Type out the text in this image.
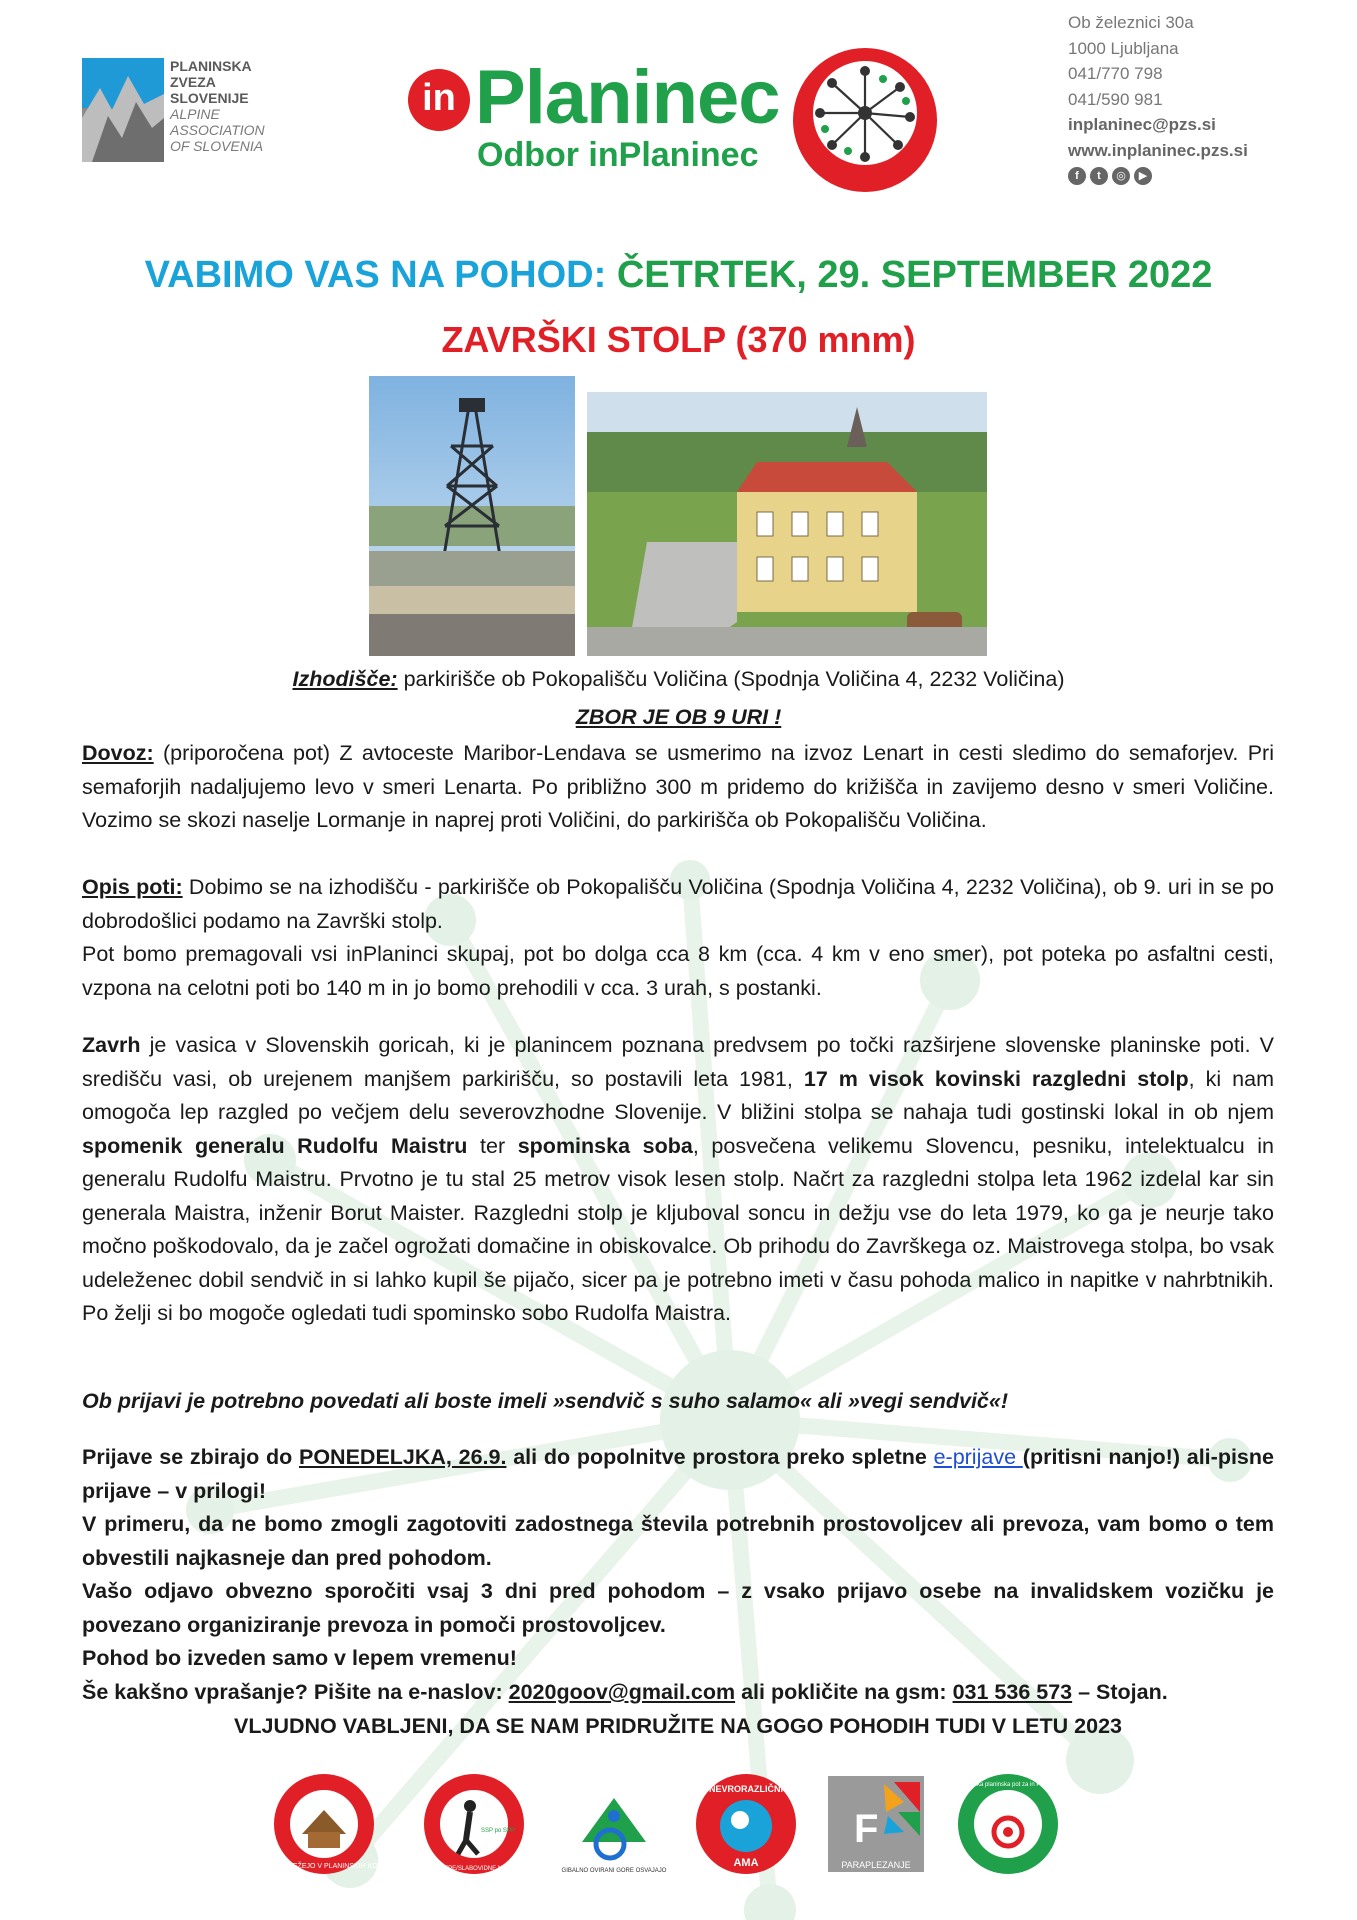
PLANINSKA
ZVEZA
SLOVENIJE
ALPINE
ASSOCIATION
OF SLOVENIA
in Planinec
Odbor inPlaninec
Ob železnici 30a
1000 Ljubljana
041/770 798
041/590 981
inplaninec@pzs.si
www.inplaninec.pzs.si
f	t	◎	▶
VABIMO VAS NA POHOD: ČETRTEK, 29. SEPTEMBER 2022
ZAVRŠKI STOLP (370 mnm)
Izhodišče: parkirišče ob Pokopališču Voličina (Spodnja Voličina 4, 2232 Voličina)
ZBOR JE OB 9 URI !
Dovoz: (priporočena pot) Z avtoceste Maribor-Lendava se usmerimo na izvoz Lenart in cesti sledimo do semaforjev. Pri semaforjih nadaljujemo levo v smeri Lenarta. Po približno 300 m pridemo do križišča in zavijemo desno v smeri Voličine. Vozimo se skozi naselje Lormanje in naprej proti Voličini, do parkirišča ob Pokopališču Voličina.
Opis poti: Dobimo se na izhodišču - parkirišče ob Pokopališču Voličina (Spodnja Voličina 4, 2232 Voličina), ob 9. uri in se po dobrodošlici podamo na Završki stolp.
Pot bomo premagovali vsi inPlaninci skupaj, pot bo dolga cca 8 km (cca. 4 km v eno smer), pot poteka po asfaltni cesti, vzpona na celotni poti bo 140 m in jo bomo prehodili v cca. 3 urah, s postanki.
Zavrh je vasica v Slovenskih goricah, ki je planincem poznana predvsem po točki razširjene slovenske planinske poti. V središču vasi, ob urejenem manjšem parkirišču, so postavili leta 1981, 17 m visok kovinski razgledni stolp, ki nam omogoča lep razgled po večjem delu severovzhodne Slovenije. V bližini stolpa se nahaja tudi gostinski lokal in ob njem spomenik generalu Rudolfu Maistru ter spominska soba, posvečena velikemu Slovencu, pesniku, intelektualcu in generalu Rudolfu Maistru. Prvotno je tu stal 25 metrov visok lesen stolp. Načrt za razgledni stolpa leta 1962 izdelal kar sin generala Maistra, inženir Borut Maister. Razgledni stolp je kljuboval soncu in dežju vse do leta 1979, ko ga je neurje tako močno poškodovalo, da je začel ogrožati domačine in obiskovalce. Ob prihodu do Završkega oz. Maistrovega stolpa, bo vsak udeleženec dobil sendvič in si lahko kupil še pijačo, sicer pa je potrebno imeti v času pohoda malico in napitke v nahrbtnikih. Po želji si bo mogoče ogledati tudi spominsko sobo Rudolfa Maistra.
Ob prijavi je potrebno povedati ali boste imeli »sendvič s suho salamo« ali »vegi sendvič«!
Prijave se zbirajo do PONEDELJKA, 26.9. ali do popolnitve prostora preko spletne e-prijave (pritisni nanjo!) ali-pisne prijave – v prilogi!
V primeru, da ne bomo zmogli zagotoviti zadostnega števila potrebnih prostovoljcev ali prevoza, vam bomo o tem obvestili najkasneje dan pred pohodom.
Vašo odjavo obvezno sporočiti vsaj 3 dni pred pohodom – z vsako prijavo osebe na invalidskem vozičku je povezano organiziranje prevoza in pomoči prostovoljcev.
Pohod bo izveden samo v lepem vremenu!
Še kakšno vprašanje? Pišite na e-naslov: 2020goov@gmail.com ali pokličite na gsm: 031 536 573 – Stojan.
VLJUDNO VABLJENI, DA SE NAM PRIDRUŽITE NA GOGO POHODIH TUDI V LETU 2023
GLUHI STREŽEJO V PLANINSKIH KOČAH	ZA SLEPE/SLABOVIDNE NI OVIR
SSP po SPP
GIBALNO OVIRANI GORE OSVAJAJO
NEVRORAZLIČNI
AMA
F
PARAPLEZANJE
slovenska planinska pot za in Planince
